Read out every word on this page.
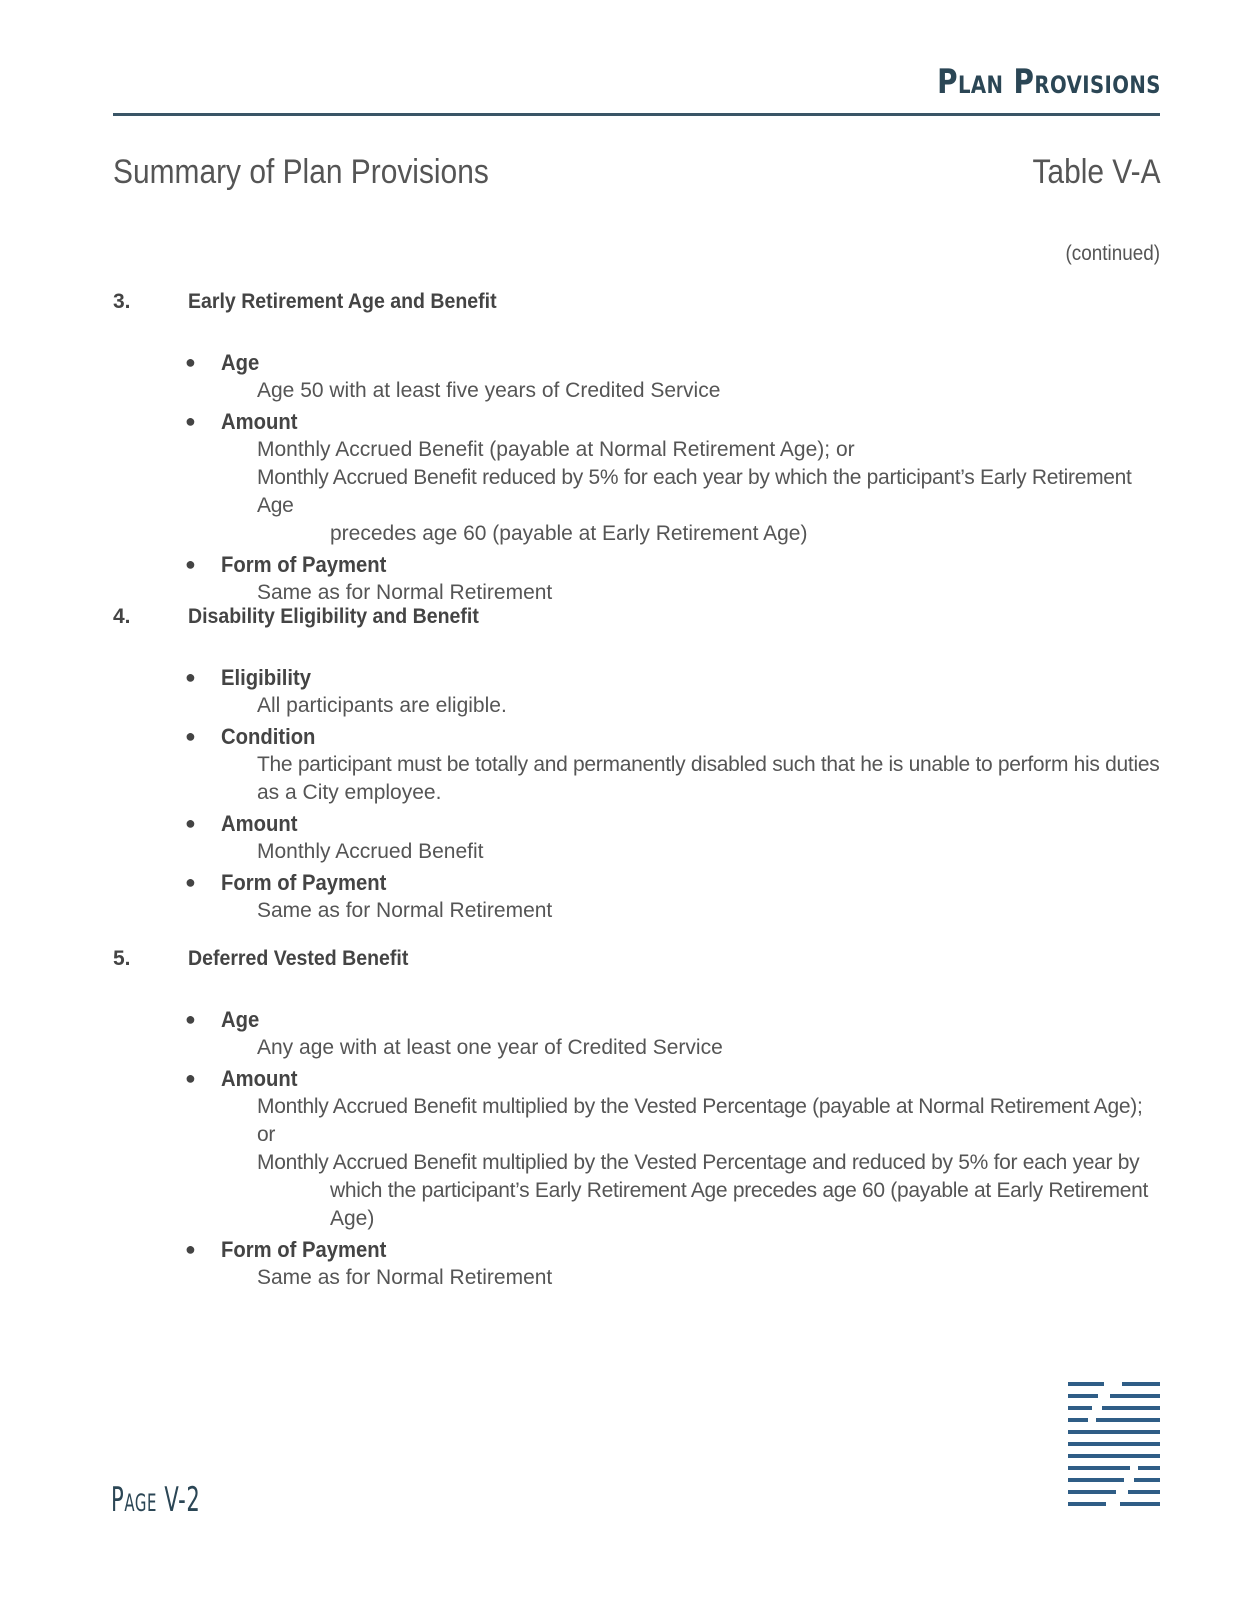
Plan Provisions
Summary of Plan Provisions	Table V-A
(continued)
3.	Early Retirement Age and Benefit
● Age
Age 50 with at least five years of Credited Service
● Amount
Monthly Accrued Benefit (payable at Normal Retirement Age); or
Monthly Accrued Benefit reduced by 5% for each year by which the participant’s Early Retirement Age
precedes age 60 (payable at Early Retirement Age)
● Form of Payment
Same as for Normal Retirement
4.	Disability Eligibility and Benefit
● Eligibility
All participants are eligible.
● Condition
The participant must be totally and permanently disabled such that he is unable to perform his duties
as a City employee.
● Amount
Monthly Accrued Benefit
● Form of Payment
Same as for Normal Retirement
5.	Deferred Vested Benefit
● Age
Any age with at least one year of Credited Service
● Amount
Monthly Accrued Benefit multiplied by the Vested Percentage (payable at Normal Retirement Age); or
Monthly Accrued Benefit multiplied by the Vested Percentage and reduced by 5% for each year by
which the participant’s Early Retirement Age precedes age 60 (payable at Early Retirement
Age)
● Form of Payment
Same as for Normal Retirement
Page V-2
